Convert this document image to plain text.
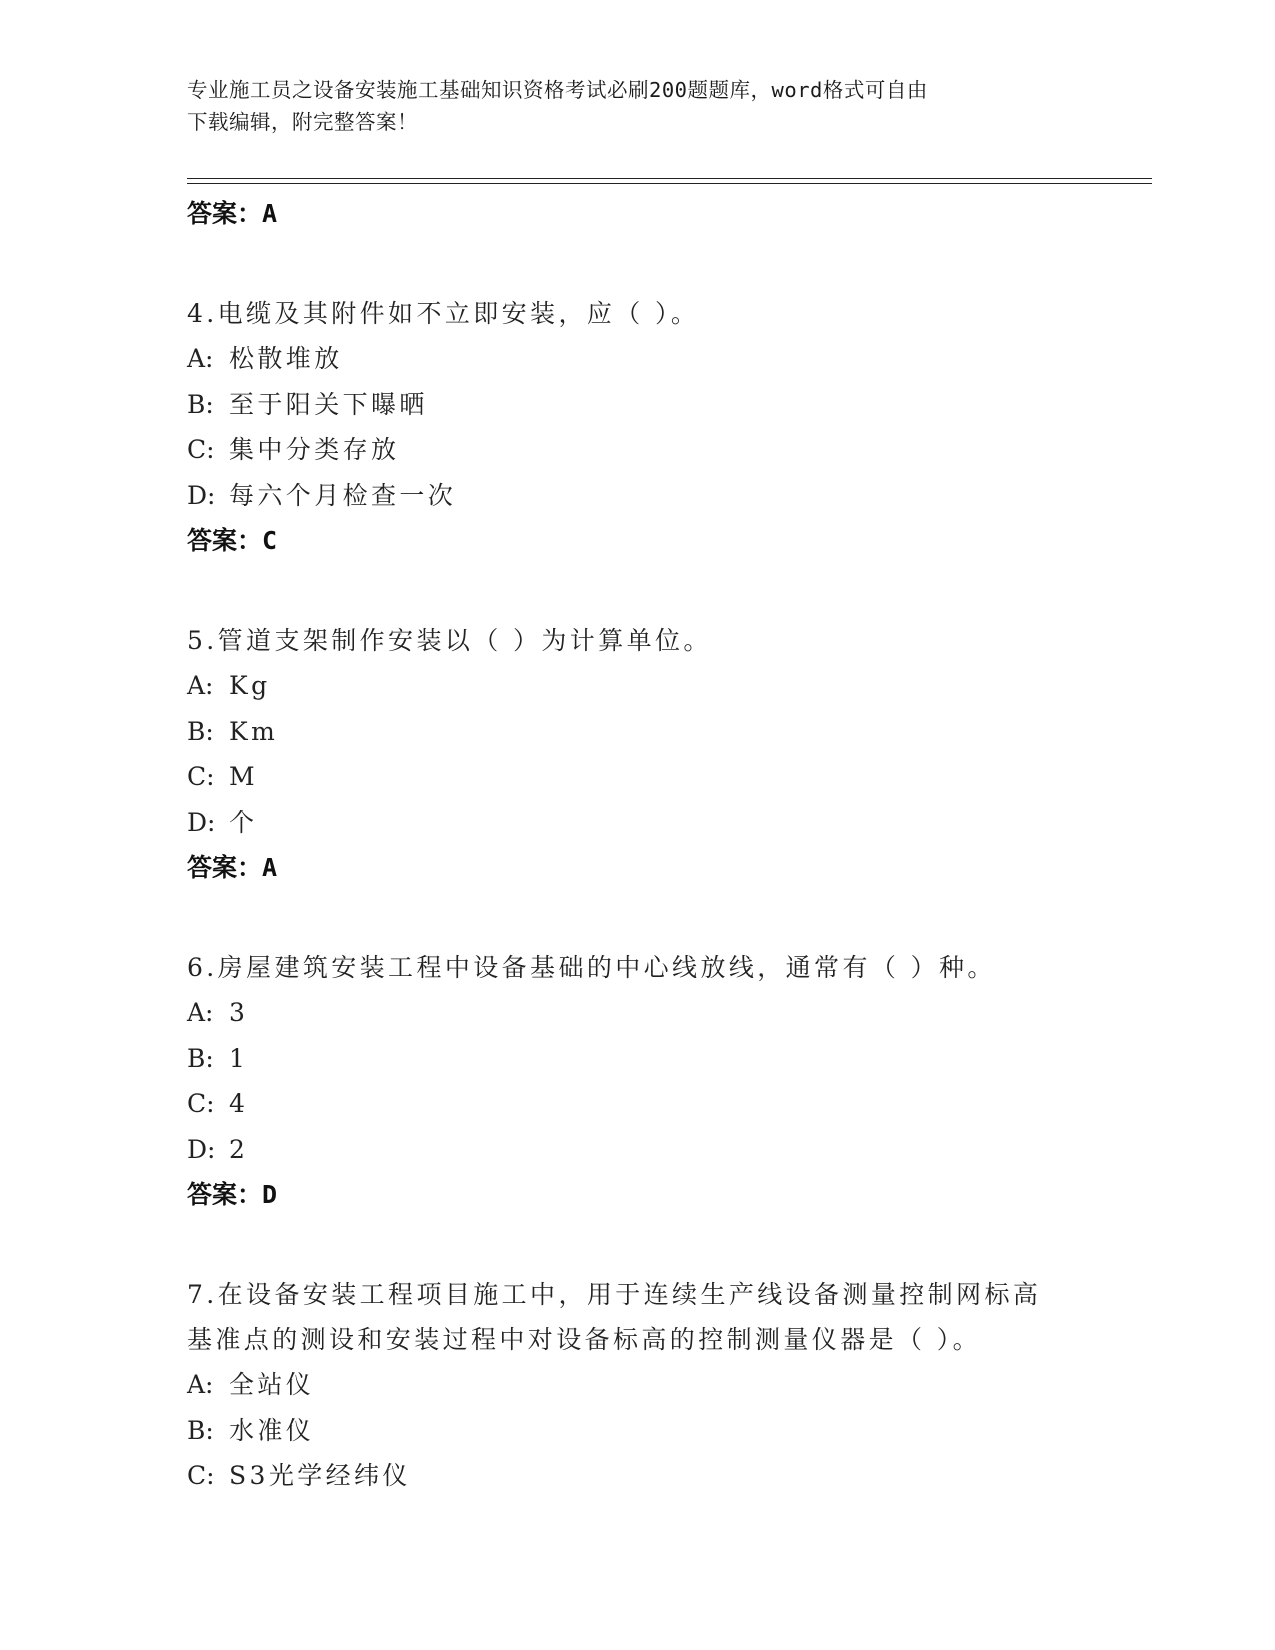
专业施工员之设备安装施工基础知识资格考试必刷200题题库，word格式可自由
下载编辑，附完整答案！
答案：A
4.电缆及其附件如不立即安装，应（ ）。
A: 松散堆放
B: 至于阳关下曝晒
C: 集中分类存放
D: 每六个月检查一次
答案：C
5.管道支架制作安装以（ ）为计算单位。
A: Kg
B: Km
C: M
D: 个
答案：A
6.房屋建筑安装工程中设备基础的中心线放线，通常有（ ）种。
A: 3
B: 1
C: 4
D: 2
答案：D
7.在设备安装工程项目施工中，用于连续生产线设备测量控制网标高
基准点的测设和安装过程中对设备标高的控制测量仪器是（ ）。
A: 全站仪
B: 水准仪
C: S3光学经纬仪
